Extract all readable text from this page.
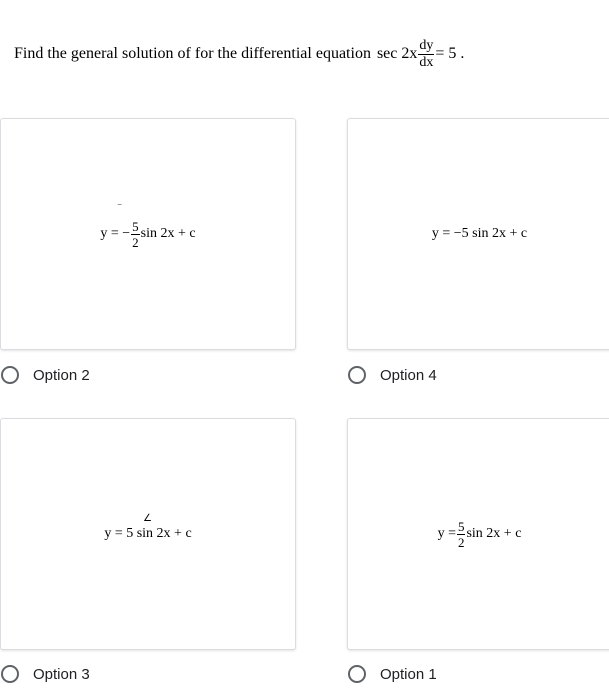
Find the general solution of for the differential equation $\sec 2x \frac{dy}{dx} = 5$ .
‾
y = − $\frac{5}{2}$ sin 2x + c
Option 2
y = −5 sin 2x + c
Option 4
∠
y = 5 sin 2x + c
Option 3
$y = \frac{5}{2}$ sin 2x + c
Option 1
